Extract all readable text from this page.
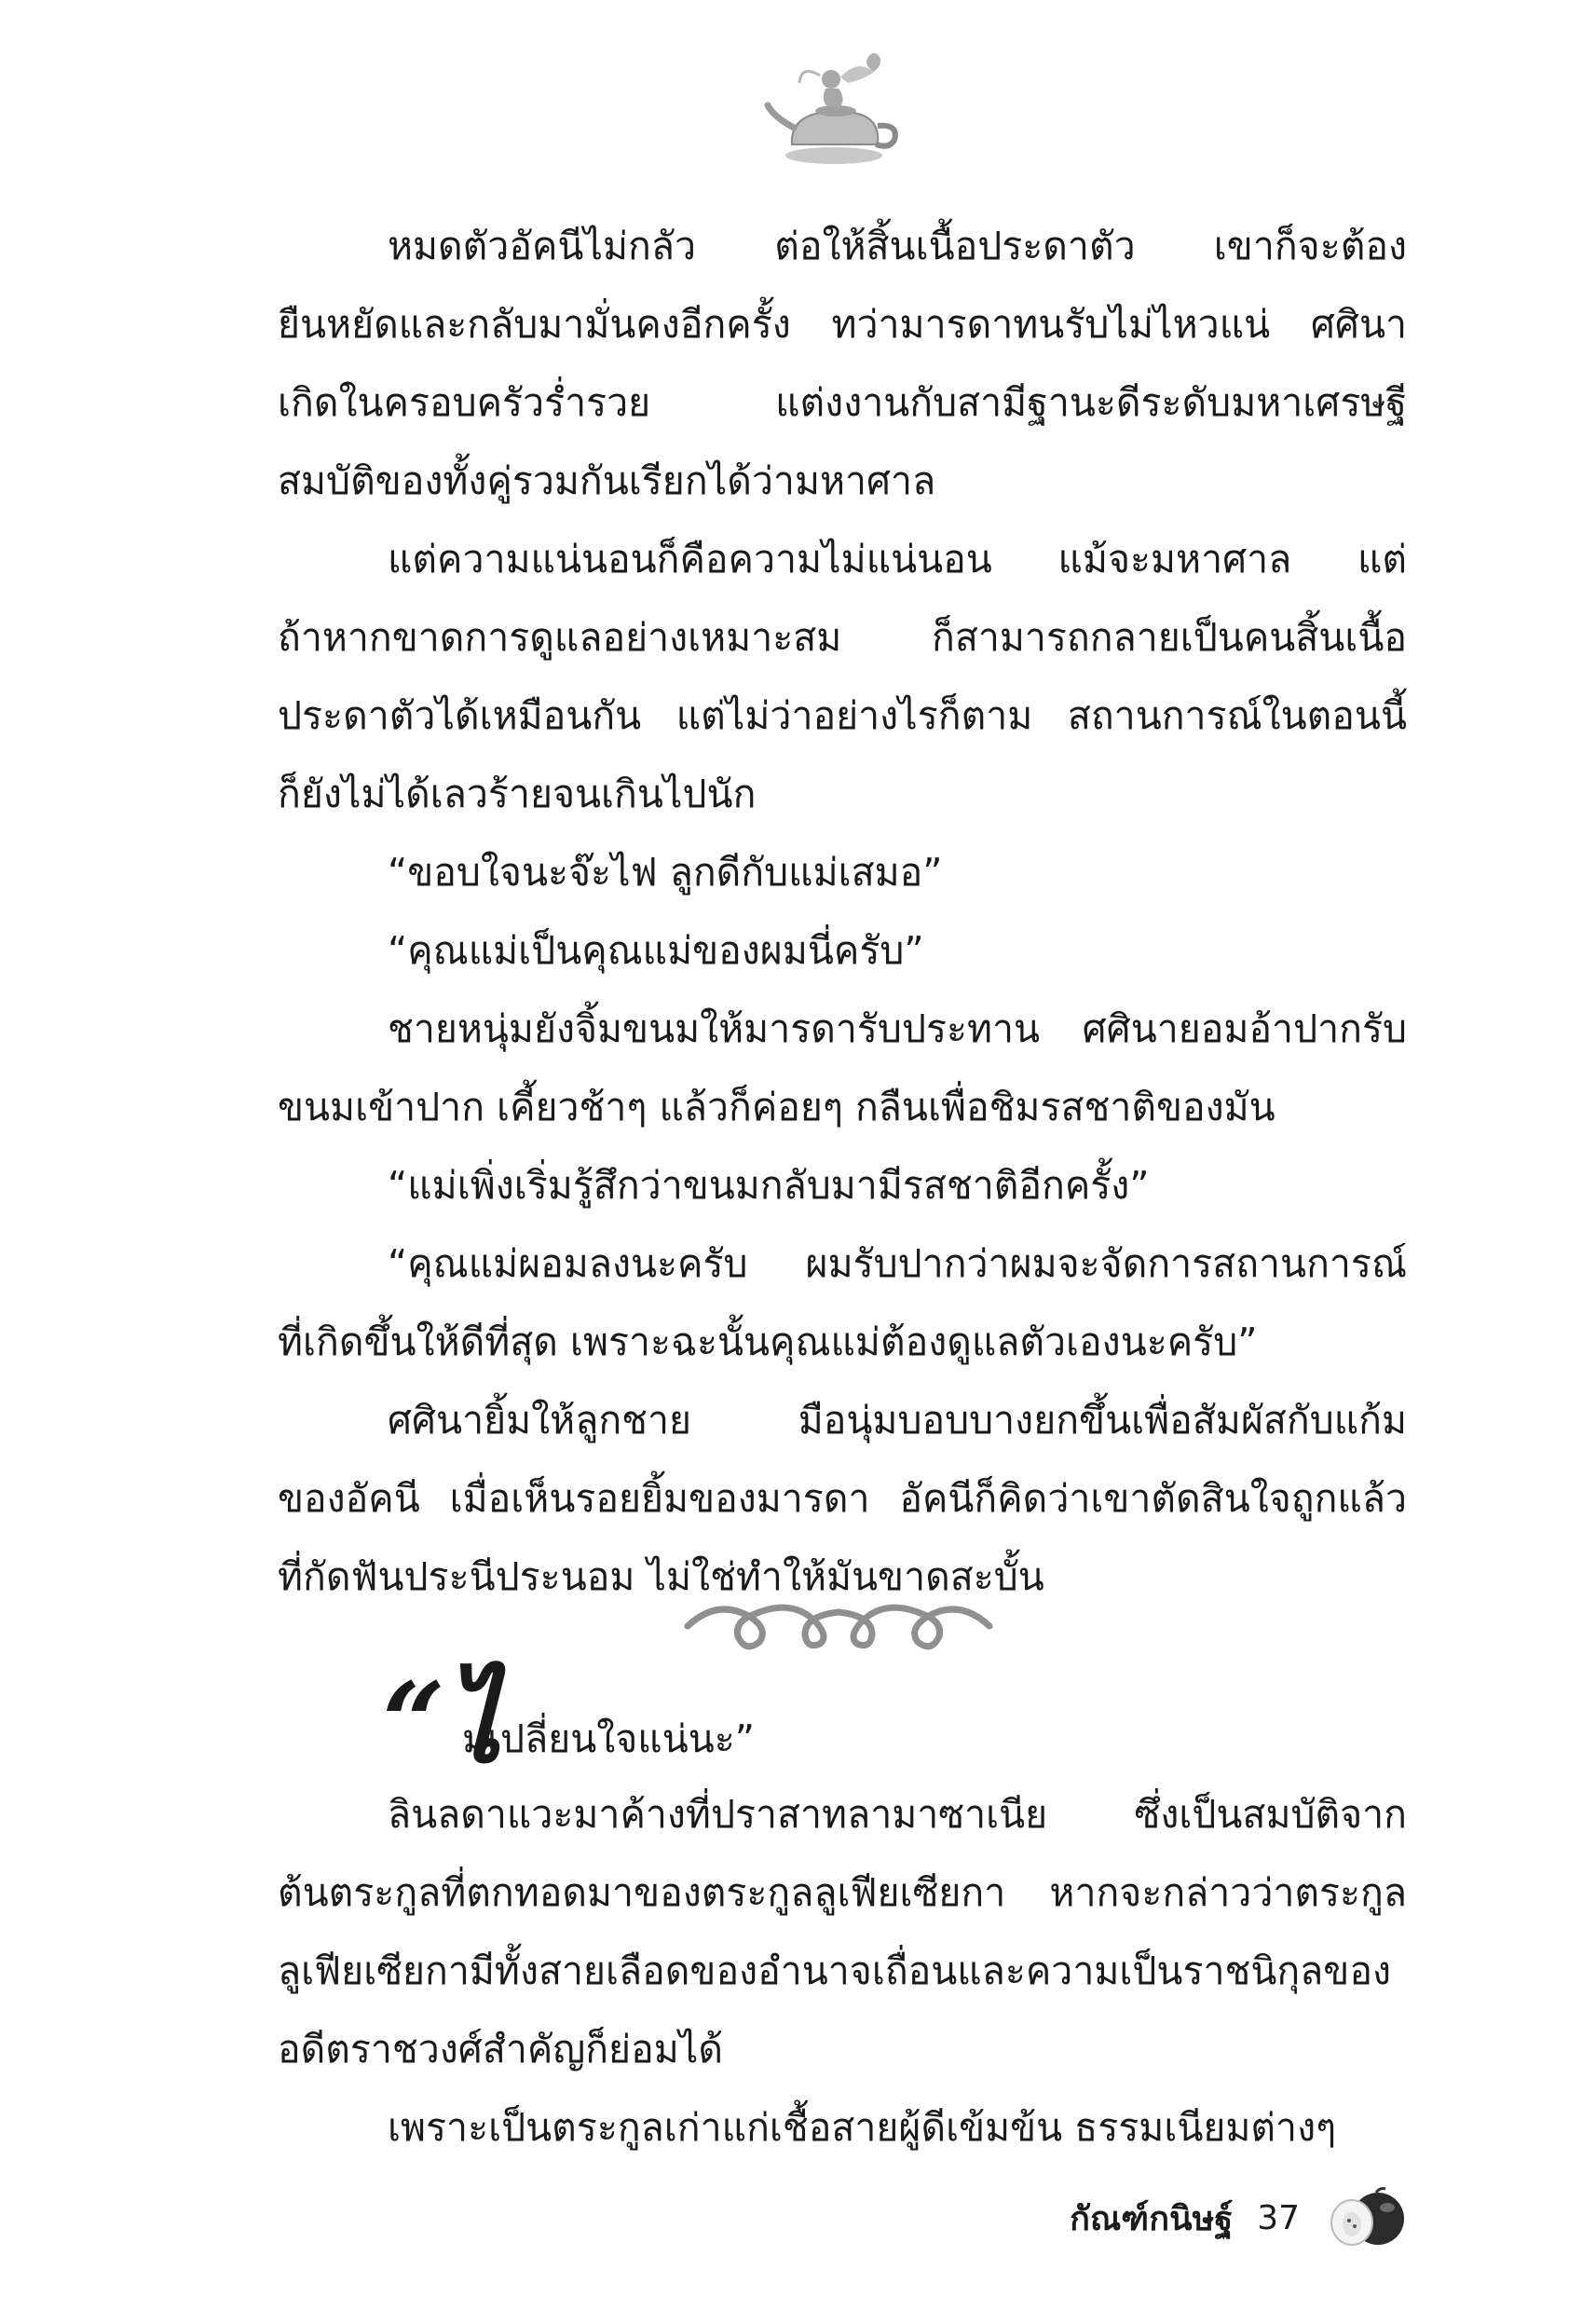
หมดตัวอัคนีไม่กลัว ต่อให้สิ้นเนื้อประดาตัว เขาก็จะต้อง

ยืนหยัดและกลับมามั่นคงอีกครั้ง ทว่ามารดาทนรับไม่ไหวแน่ ศศินา

เกิดในครอบครัวร่ำรวย แต่งงานกับสามีฐานะดีระดับมหาเศรษฐี

สมบัติของทั้งคู่รวมกันเรียกได้ว่ามหาศาล

แต่ความแน่นอนก็คือความไม่แน่นอน แม้จะมหาศาล แต่

ถ้าหากขาดการดูแลอย่างเหมาะสม ก็สามารถกลายเป็นคนสิ้นเนื้อ

ประดาตัวได้เหมือนกัน แต่ไม่ว่าอย่างไรก็ตาม สถานการณ์ในตอนนี้

ก็ยังไม่ได้เลวร้ายจนเกินไปนัก

“ขอบใจนะจ๊ะไฟ ลูกดีกับแม่เสมอ”

“คุณแม่เป็นคุณแม่ของผมนี่ครับ”

ชายหนุ่มยังจิ้มขนมให้มารดารับประทาน ศศินายอมอ้าปากรับ

ขนมเข้าปาก เคี้ยวช้าๆ แล้วก็ค่อยๆ กลืนเพื่อชิมรสชาติของมัน

“แม่เพิ่งเริ่มรู้สึกว่าขนมกลับมามีรสชาติอีกครั้ง”

“คุณแม่ผอมลงนะครับ ผมรับปากว่าผมจะจัดการสถานการณ์

ที่เกิดขึ้นให้ดีที่สุด เพราะฉะนั้นคุณแม่ต้องดูแลตัวเองนะครับ”

ศศินายิ้มให้ลูกชาย มือนุ่มบอบบางยกขึ้นเพื่อสัมผัสกับแก้ม

ของอัคนี เมื่อเห็นรอยยิ้มของมารดา อัคนีก็คิดว่าเขาตัดสินใจถูกแล้ว

ที่กัดฟันประนีประนอม ไม่ใช่ทำให้มันขาดสะบั้น

“ไ
ม่เปลี่ยนใจแน่นะ”

ลินลดาแวะมาค้างที่ปราสาทลามาซาเนีย ซึ่งเป็นสมบัติจาก

ต้นตระกูลที่ตกทอดมาของตระกูลลูเฟียเซียกา หากจะกล่าวว่าตระกูล

ลูเฟียเซียกามีทั้งสายเลือดของอำนาจเถื่อนและความเป็นราชนิกุลของ

อดีตราชวงศ์สำคัญก็ย่อมได้

เพราะเป็นตระกูลเก่าแก่เชื้อสายผู้ดีเข้มข้น ธรรมเนียมต่างๆ

กัณฑ์กนิษฐ์ 37
